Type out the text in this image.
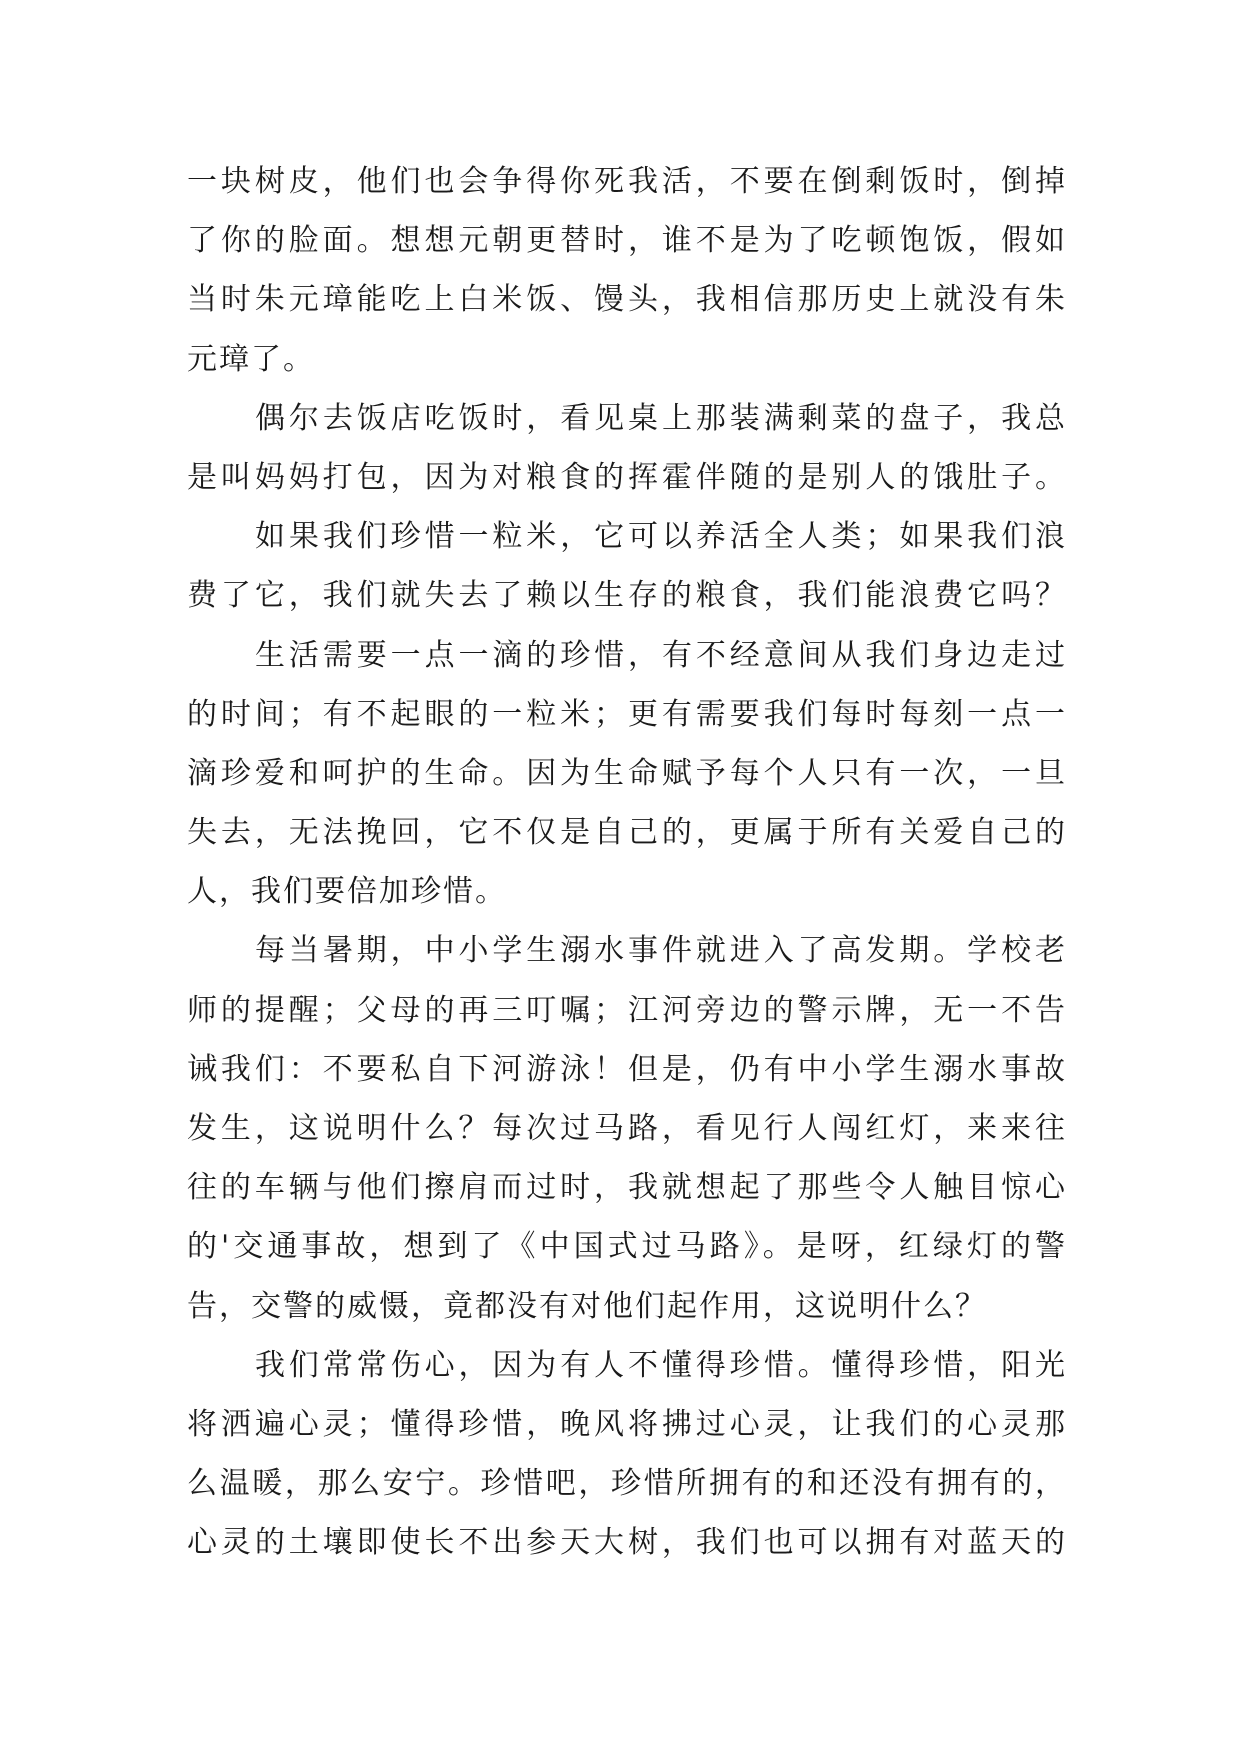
一块树皮，他们也会争得你死我活，不要在倒剩饭时，倒掉
了你的脸面。想想元朝更替时，谁不是为了吃顿饱饭，假如
当时朱元璋能吃上白米饭、馒头，我相信那历史上就没有朱
元璋了。
偶尔去饭店吃饭时，看见桌上那装满剩菜的盘子，我总
是叫妈妈打包，因为对粮食的挥霍伴随的是别人的饿肚子。
如果我们珍惜一粒米，它可以养活全人类；如果我们浪
费了它，我们就失去了赖以生存的粮食，我们能浪费它吗？
生活需要一点一滴的珍惜，有不经意间从我们身边走过
的时间；有不起眼的一粒米；更有需要我们每时每刻一点一
滴珍爱和呵护的生命。因为生命赋予每个人只有一次，一旦
失去，无法挽回，它不仅是自己的，更属于所有关爱自己的
人，我们要倍加珍惜。
每当暑期，中小学生溺水事件就进入了高发期。学校老
师的提醒；父母的再三叮嘱；江河旁边的警示牌，无一不告
诫我们：不要私自下河游泳！但是，仍有中小学生溺水事故
发生，这说明什么？每次过马路，看见行人闯红灯，来来往
往的车辆与他们擦肩而过时，我就想起了那些令人触目惊心
的'交通事故，想到了《中国式过马路》。是呀，红绿灯的警
告，交警的威慑，竟都没有对他们起作用，这说明什么？
我们常常伤心，因为有人不懂得珍惜。懂得珍惜，阳光
将洒遍心灵；懂得珍惜，晚风将拂过心灵，让我们的心灵那
么温暖，那么安宁。珍惜吧，珍惜所拥有的和还没有拥有的，
心灵的土壤即使长不出参天大树，我们也可以拥有对蓝天的
